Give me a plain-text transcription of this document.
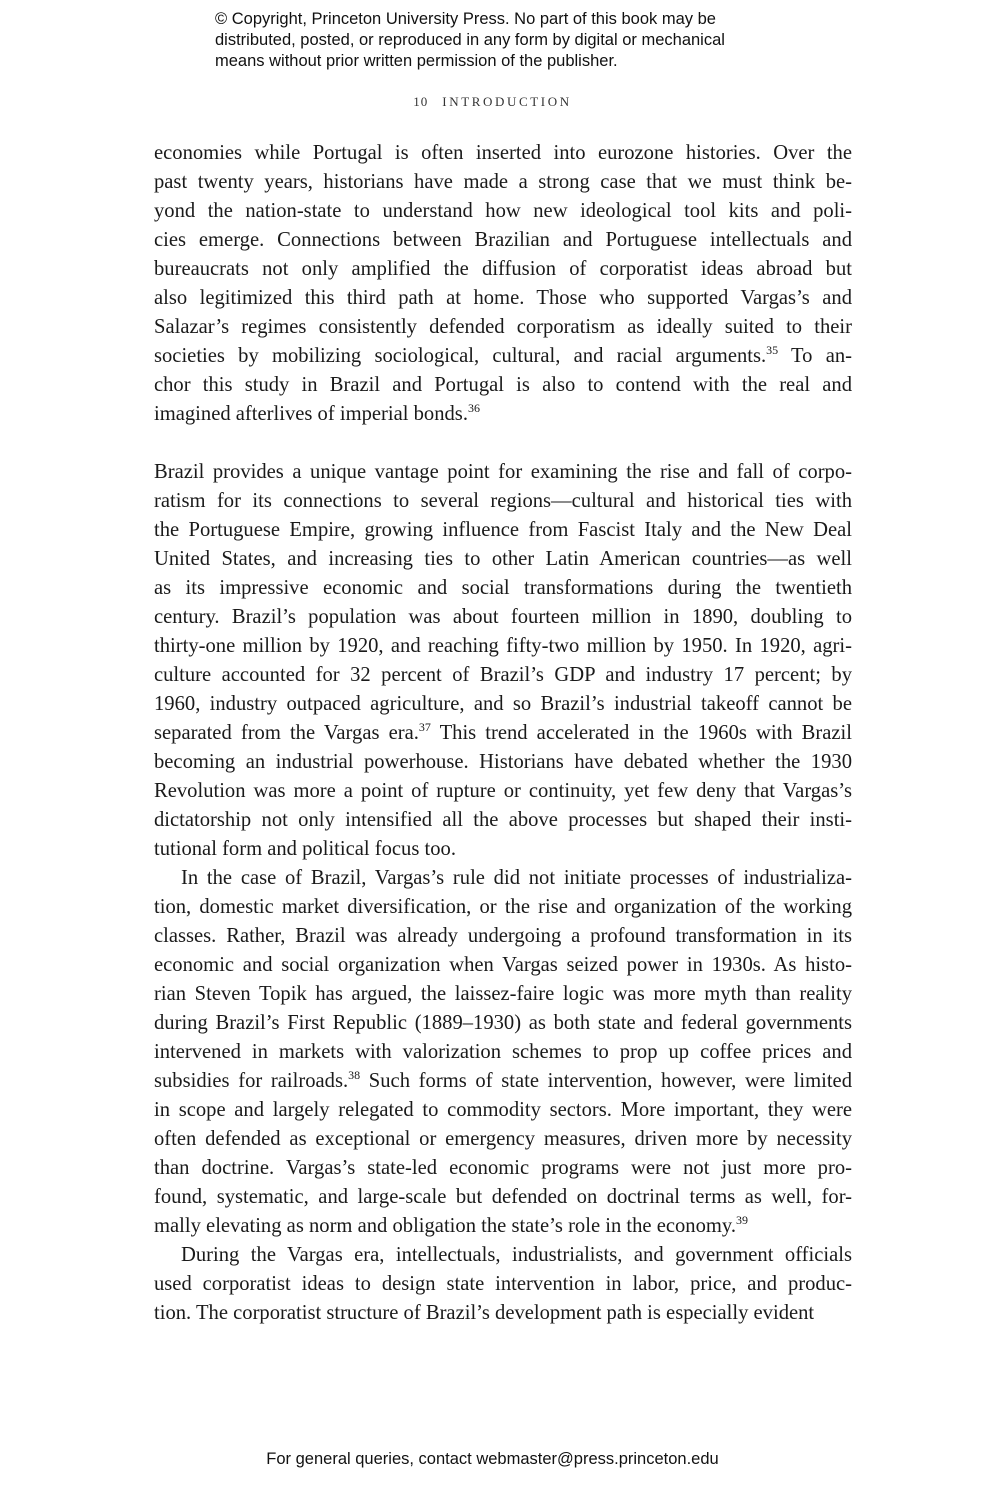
© Copyright, Princeton University Press. No part of this book may be
distributed, posted, or reproduced in any form by digital or mechanical
means without prior written permission of the publisher.
10 INTRODUCTION

economies while Portugal is often inserted into eurozone histories. Over the
past twenty years, historians have made a strong case that we must think be-
yond the nation-state to understand how new ideological tool kits and poli-
cies emerge. Connections between Brazilian and Portuguese intellectuals and
bureaucrats not only amplified the diffusion of corporatist ideas abroad but
also legitimized this third path at home. Those who supported Vargas’s and
Salazar’s regimes consistently defended corporatism as ideally suited to their
societies by mobilizing sociological, cultural, and racial arguments.$^{35}$ To an-
chor this study in Brazil and Portugal is also to contend with the real and
imagined afterlives of imperial bonds.$^{36}$

Brazil provides a unique vantage point for examining the rise and fall of corpo-
ratism for its connections to several regions—cultural and historical ties with
the Portuguese Empire, growing influence from Fascist Italy and the New Deal
United States, and increasing ties to other Latin American countries—as well
as its impressive economic and social transformations during the twentieth
century. Brazil’s population was about fourteen million in 1890, doubling to
thirty-one million by 1920, and reaching fifty-two million by 1950. In 1920, agri-
culture accounted for 32 percent of Brazil’s GDP and industry 17 percent; by
1960, industry outpaced agriculture, and so Brazil’s industrial takeoff cannot be
separated from the Vargas era.$^{37}$ This trend accelerated in the 1960s with Brazil
becoming an industrial powerhouse. Historians have debated whether the 1930
Revolution was more a point of rupture or continuity, yet few deny that Vargas’s
dictatorship not only intensified all the above processes but shaped their insti-
tutional form and political focus too.

In the case of Brazil, Vargas’s rule did not initiate processes of industrializa-
tion, domestic market diversification, or the rise and organization of the working
classes. Rather, Brazil was already undergoing a profound transformation in its
economic and social organization when Vargas seized power in 1930s. As histo-
rian Steven Topik has argued, the laissez-faire logic was more myth than reality
during Brazil’s First Republic (1889–1930) as both state and federal governments
intervened in markets with valorization schemes to prop up coffee prices and
subsidies for railroads.$^{38}$ Such forms of state intervention, however, were limited
in scope and largely relegated to commodity sectors. More important, they were
often defended as exceptional or emergency measures, driven more by necessity
than doctrine. Vargas’s state-led economic programs were not just more pro-
found, systematic, and large-scale but defended on doctrinal terms as well, for-
mally elevating as norm and obligation the state’s role in the economy.$^{39}$

During the Vargas era, intellectuals, industrialists, and government officials
used corporatist ideas to design state intervention in labor, price, and produc-
tion. The corporatist structure of Brazil’s development path is especially evident

For general queries, contact webmaster@press.princeton.edu
